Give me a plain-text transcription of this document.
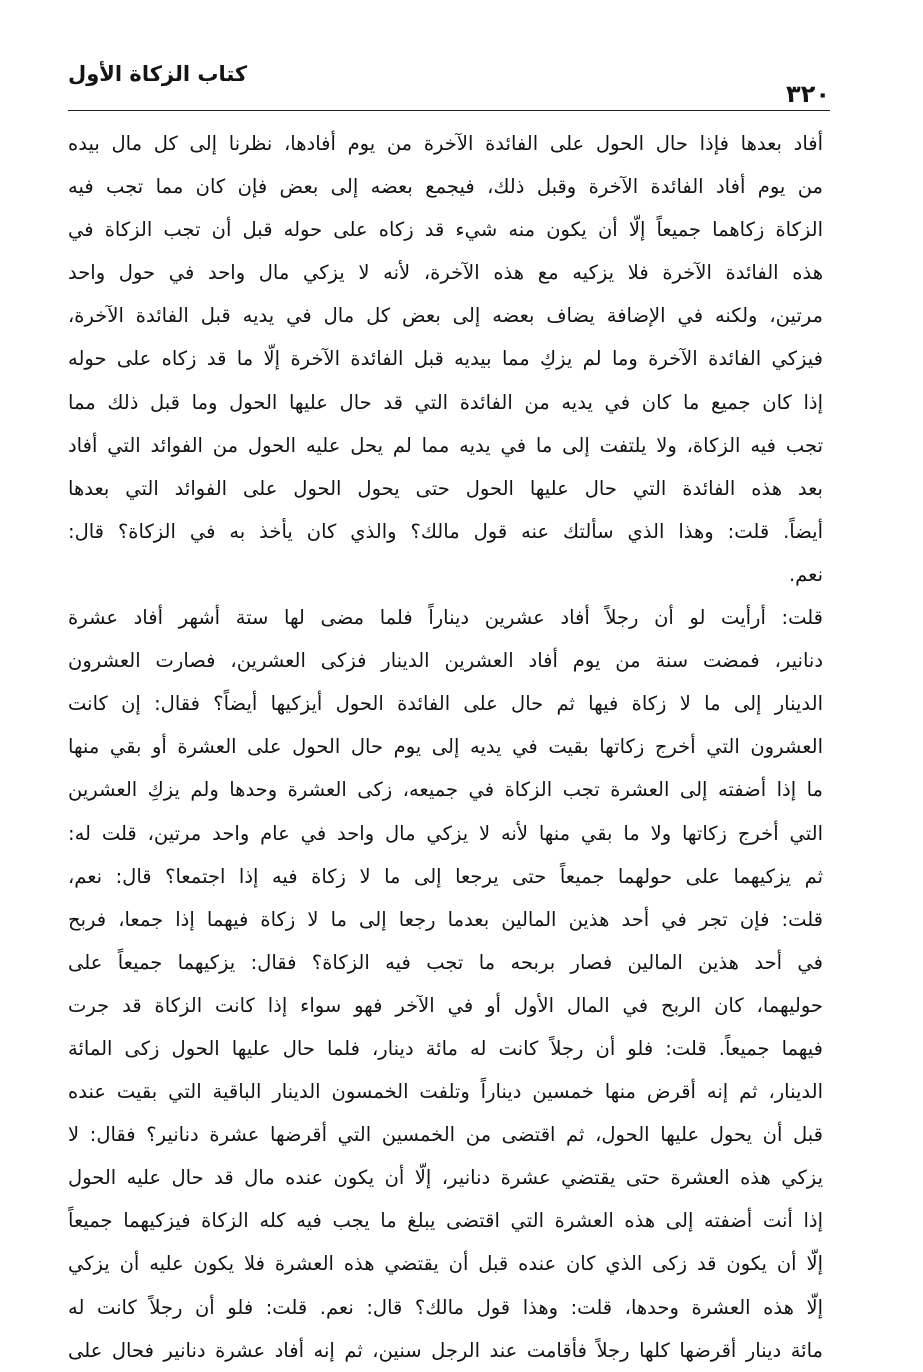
كتاب الزكاة الأول
٣٢٠
أفاد بعدها فإذا حال الحول على الفائدة الآخرة من يوم أفادها، نظرنا إلى كل مال بيده
من يوم أفاد الفائدة الآخرة وقبل ذلك، فيجمع بعضه إلى بعض فإن كان مما تجب فيه
الزكاة زكاهما جميعاً إلّا أن يكون منه شيء قد زكاه على حوله قبل أن تجب الزكاة في
هذه الفائدة الآخرة فلا يزكيه مع هذه الآخرة، لأنه لا يزكي مال واحد في حول واحد
مرتين، ولكنه في الإضافة يضاف بعضه إلى بعض كل مال في يديه قبل الفائدة الآخرة،
فيزكي الفائدة الآخرة وما لم يزكِ مما بيديه قبل الفائدة الآخرة إلّا ما قد زكاه على حوله
إذا كان جميع ما كان في يديه من الفائدة التي قد حال عليها الحول وما قبل ذلك مما
تجب فيه الزكاة، ولا يلتفت إلى ما في يديه مما لم يحل عليه الحول من الفوائد التي أفاد
بعد هذه الفائدة التي حال عليها الحول حتى يحول الحول على الفوائد التي بعدها
أيضاً. قلت: وهذا الذي سألتك عنه قول مالك؟ والذي كان يأخذ به في الزكاة؟ قال:
نعم.
قلت: أرأيت لو أن رجلاً أفاد عشرين ديناراً فلما مضى لها ستة أشهر أفاد عشرة
دنانير، فمضت سنة من يوم أفاد العشرين الدينار فزكى العشرين، فصارت العشرون
الدينار إلى ما لا زكاة فيها ثم حال على الفائدة الحول أيزكيها أيضاً؟ فقال: إن كانت
العشرون التي أخرج زكاتها بقيت في يديه إلى يوم حال الحول على العشرة أو بقي منها
ما إذا أضفته إلى العشرة تجب الزكاة في جميعه، زكى العشرة وحدها ولم يزكِ العشرين
التي أخرج زكاتها ولا ما بقي منها لأنه لا يزكي مال واحد في عام واحد مرتين، قلت له:
ثم يزكيهما على حولهما جميعاً حتى يرجعا إلى ما لا زكاة فيه إذا اجتمعا؟ قال: نعم،
قلت: فإن تجر في أحد هذين المالين بعدما رجعا إلى ما لا زكاة فيهما إذا جمعا، فربح
في أحد هذين المالين فصار بربحه ما تجب فيه الزكاة؟ فقال: يزكيهما جميعاً على
حوليهما، كان الربح في المال الأول أو في الآخر فهو سواء إذا كانت الزكاة قد جرت
فيهما جميعاً. قلت: فلو أن رجلاً كانت له مائة دينار، فلما حال عليها الحول زكى المائة
الدينار، ثم إنه أقرض منها خمسين ديناراً وتلفت الخمسون الدينار الباقية التي بقيت عنده
قبل أن يحول عليها الحول، ثم اقتضى من الخمسين التي أقرضها عشرة دنانير؟ فقال: لا
يزكي هذه العشرة حتى يقتضي عشرة دنانير، إلّا أن يكون عنده مال قد حال عليه الحول
إذا أنت أضفته إلى هذه العشرة التي اقتضى يبلغ ما يجب فيه كله الزكاة فيزكيهما جميعاً
إلّا أن يكون قد زكى الذي كان عنده قبل أن يقتضي هذه العشرة فلا يكون عليه أن يزكي
إلّا هذه العشرة وحدها، قلت: وهذا قول مالك؟ قال: نعم. قلت: فلو أن رجلاً كانت له
مائة دينار أقرضها كلها رجلاً فأقامت عند الرجل سنين، ثم إنه أفاد عشرة دنانير فحال على
